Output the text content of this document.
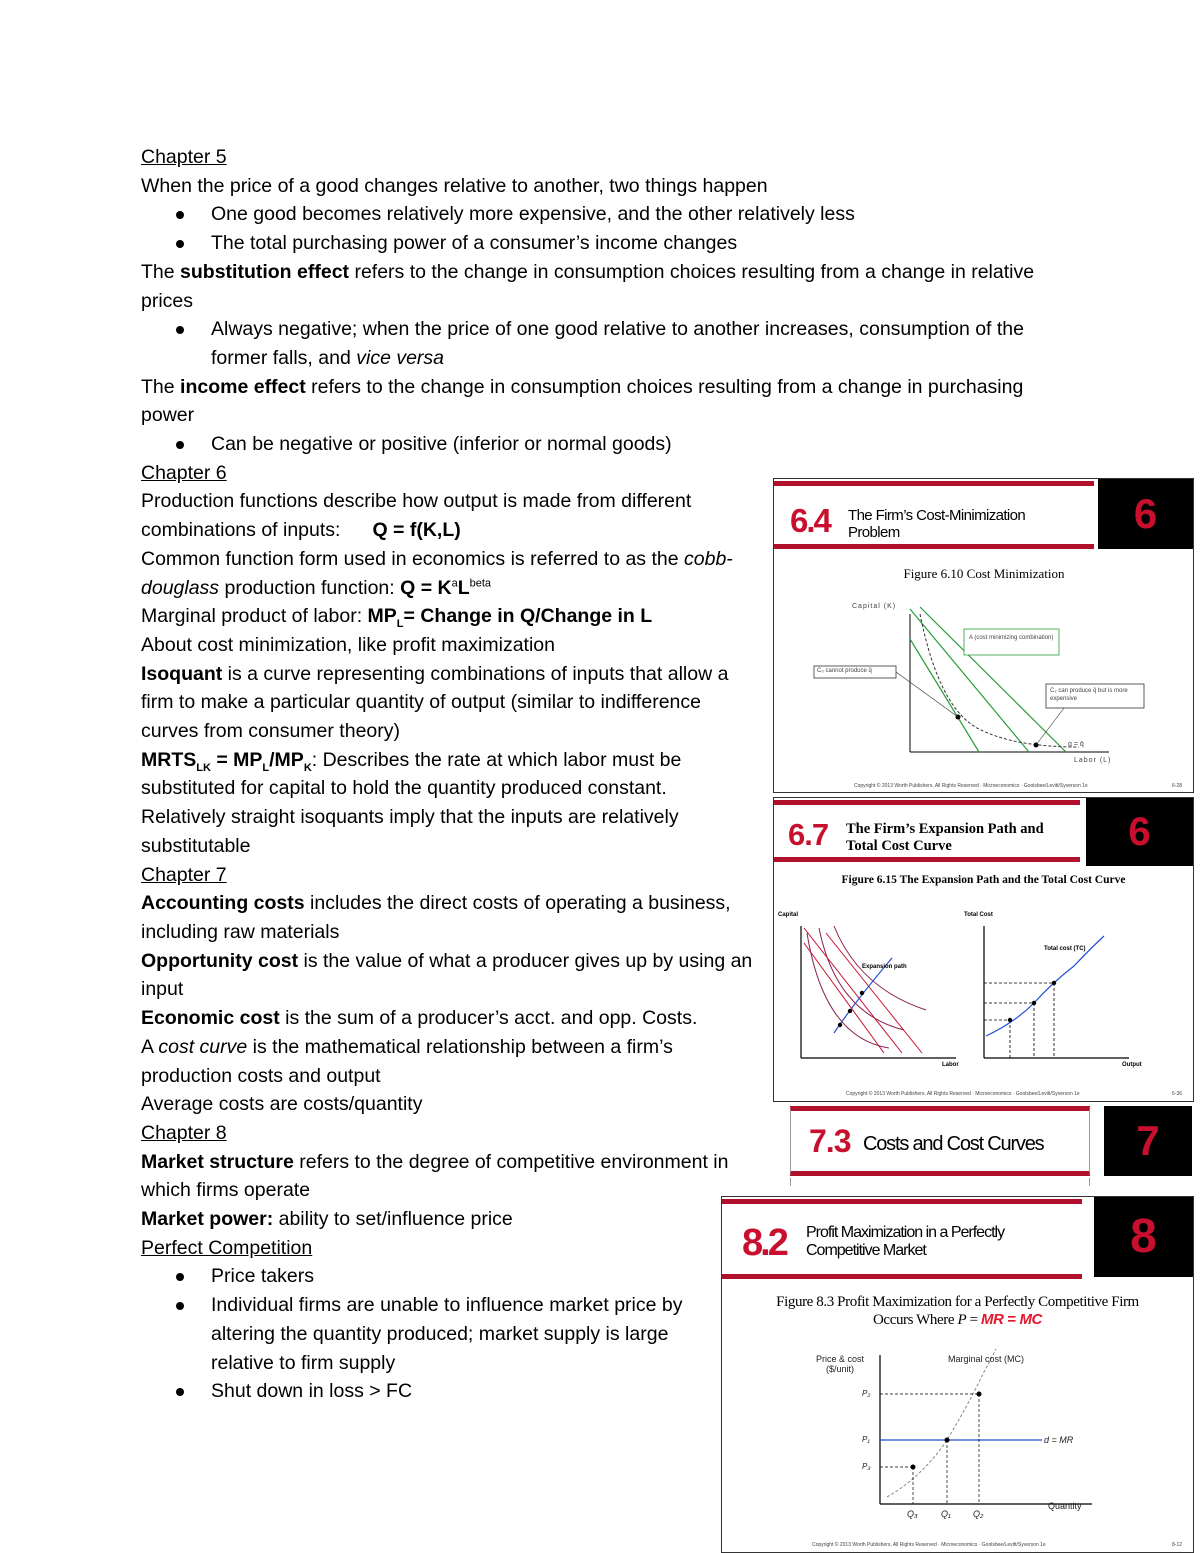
Chapter 5

When the price of a good changes relative to another, two things happen

One good becomes relatively more expensive, and the other relatively less
The total purchasing power of a consumer’s income changes

The substitution effect refers to the change in consumption choices resulting from a change in relative prices

Always negative; when the price of one good relative to another increases, consumption of the former falls, and vice versa

The income effect refers to the change in consumption choices resulting from a change in purchasing power

Can be negative or positive (inferior or normal goods)

Chapter 6

Production functions describe how output is made from different combinations of inputs: Q = f(K,L)

Common function form used in economics is referred to as the cobb-douglass production function: $Q = K^aL^{beta}$

Marginal product of labor: $MP_L=$ Change in Q/Change in L

About cost minimization, like profit maximization

Isoquant is a curve representing combinations of inputs that allow a firm to make a particular quantity of output (similar to indifference curves from consumer theory)

$MRTS_{LK} = MP_L/MP_K$: Describes the rate at which labor must be substituted for capital to hold the quantity produced constant.

Relatively straight isoquants imply that the inputs are relatively substitutable

Chapter 7

Accounting costs includes the direct costs of operating a business, including raw materials

Opportunity cost is the value of what a producer gives up by using an input

Economic cost is the sum of a producer’s acct. and opp. Costs.

A cost curve is the mathematical relationship between a firm’s production costs and output

Average costs are costs/quantity

Chapter 8

Market structure refers to the degree of competitive environment in which firms operate

Market power: ability to set/influence price

Perfect Competition

Price takers
Individual firms are unable to influence market price by altering the quantity produced; market supply is large relative to firm supply
Shut down in loss > FC
6.4 The Firm’s Cost-Minimization Problem	6
Figure 6.10 Cost Minimization
Capital (K)
Labor (L)
q = q̄
A (cost minimizing combination)
C₀ cannot produce q̄
C₂ can produce q̄ but is more expensive
Copyright © 2013 Worth Publishers, All Rights Reserved · Microeconomics · Goolsbee/Levitt/Syverson 1e	6-28
6.7 The Firm’s Expansion Path and Total Cost Curve	6
Figure 6.15 The Expansion Path and the Total Cost Curve
Capital
Labor
Expansion path
Total Cost
Output
Total cost (TC)
Copyright © 2013 Worth Publishers, All Rights Reserved · Microeconomics · Goolsbee/Levitt/Syverson 1e	6-36
7.3 Costs and Cost Curves	7
8.2 Profit Maximization in a Perfectly Competitive Market	8
Figure 8.3 Profit Maximization for a Perfectly Competitive Firm
Occurs Where P = MR = MC
Price & cost
($/unit)
Marginal cost (MC)
d = MR
Quantity
P₂
P₁
P₃
Q₃	Q₁ Q₂
Copyright © 2013 Worth Publishers, All Rights Reserved · Microeconomics · Goolsbee/Levitt/Syverson 1e	8-12
